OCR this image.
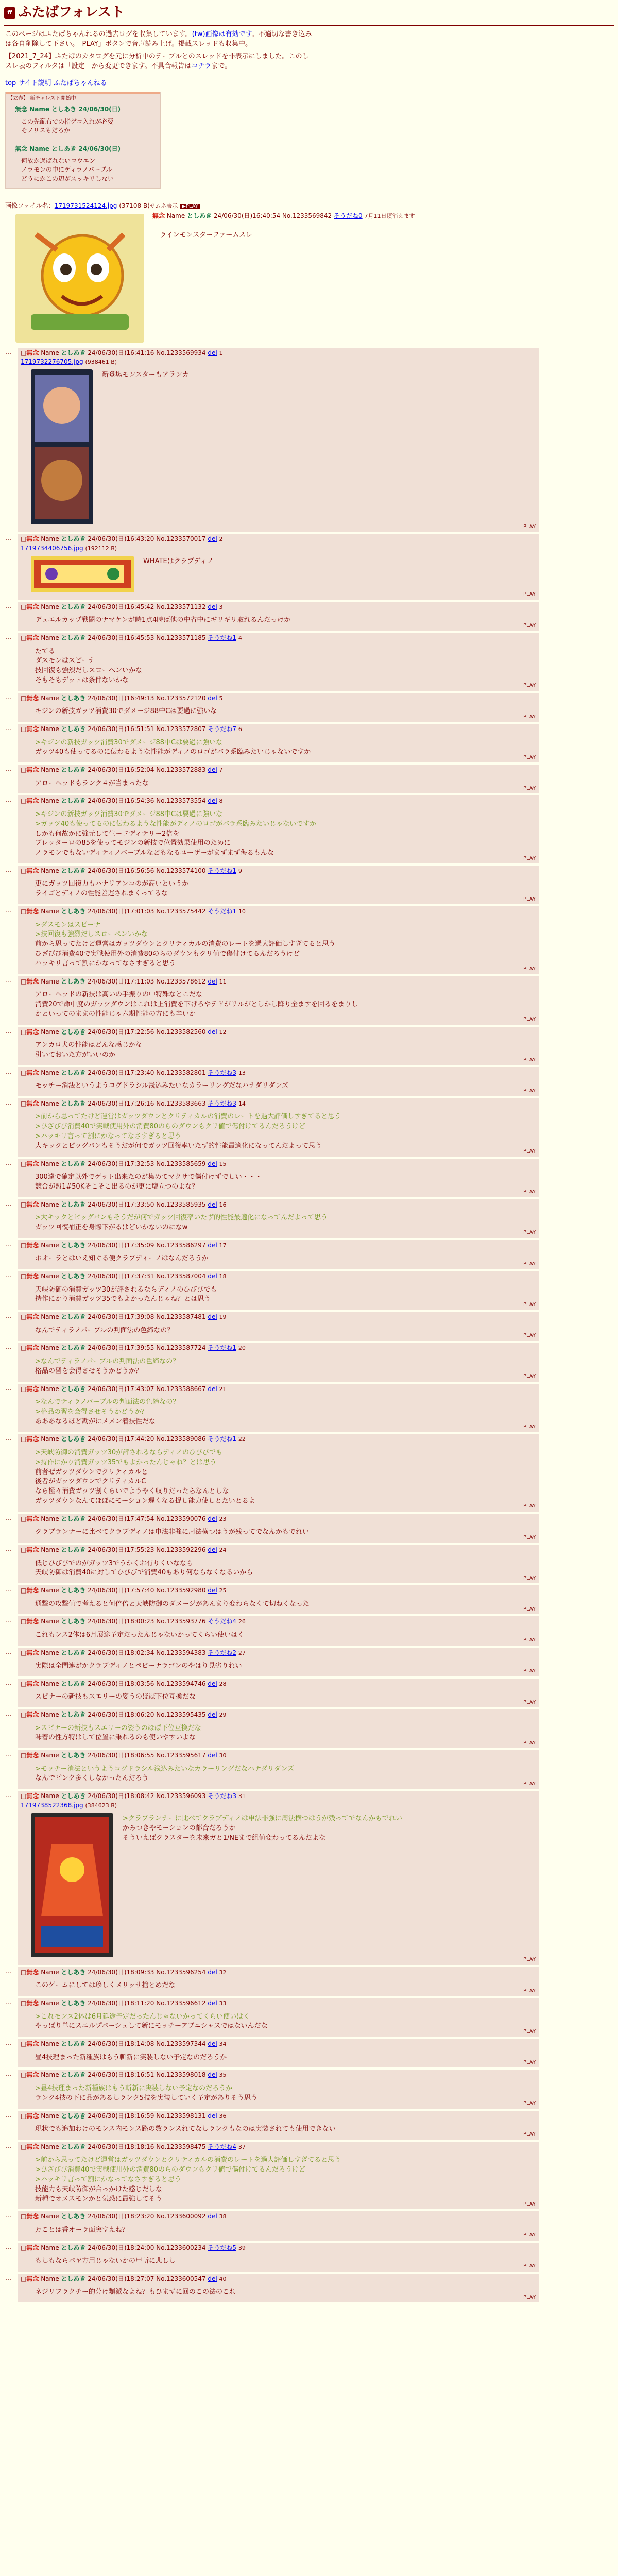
ff ふたばフォレスト

このページはふたばちゃんねるの過去ログを収集しています。(tw)画像は有効です。不適切な書き込みは各自削除して下さい。「PLAY」ボタンで音声読み上げ。掲載スレッドも収集中。

【2021_7_24】ふたばのカタログを元に分析中のテーブルとのスレッドを非表示にしました。このしスレ表のフィルタは「設定」から変更できます。不具合報告はコチラまで。

top サイト説明 ふたばちゃんねる
【立春】 新チャレスト開始中
無念 Name としあき 24/06/30(日)
この先配布での指ゲコ入れが必要
そノリスもだろか
無念 Name としあき 24/06/30(日)
何故か過ばれないコウエン
ノラモンの中にディラノパーブル
どうにかこの辺がスッキリしない
画像ファイル名：1719731524124.jpg (37108 B)サムネ表示 ▶PLAY
無念 Name としあき 24/06/30(日)16:40:54 No.1233569842 そうだね0 7月11日頃消えます
ラインモンスターファームスレ
…	□無念 Name としあき 24/06/30(日)16:41:16 No.1233569934 del 1
1719732276705.jpg (938461 B)
新登場モンスターもアランカ
PLAY
…	□無念 Name としあき 24/06/30(日)16:43:20 No.1233570017 del 2
1719734406756.jpg (192112 B)
WHATEはクラブディノ
PLAY
…	□無念 Name としあき 24/06/30(日)16:45:42 No.1233571132 del 3
デュエルカップ戦闘のナマケンが時1点4時ば他の中省中にギリギリ取れるんだっけか
PLAY
…	□無念 Name としあき 24/06/30(日)16:45:53 No.1233571185 そうだね1 4
たてる
ダスモンはスピーナ
技回復も強烈だしスローペンいかな
そもそもデットは条件ないかな
PLAY
…	□無念 Name としあき 24/06/30(日)16:49:13 No.1233572120 del 5
キジンの新技ガッツ消費30でダメージ88中Cは要過に強いな
PLAY
…	□無念 Name としあき 24/06/30(日)16:51:51 No.1233572807 そうだね7 6
>キジンの新技ガッツ消費30でダメージ88中Cは要過に強いな
ガッツ40も使ってるのに伝わるような性能がディノのロゴがバラ系臨みたいじゃないですか
PLAY
…	□無念 Name としあき 24/06/30(日)16:52:04 No.1233572883 del 7
アローヘッドもランク４が当まったな
PLAY
…	□無念 Name としあき 24/06/30(日)16:54:36 No.1233573554 del 8
>キジンの新技ガッツ消費30でダメージ88中Cは要過に強いな
>ガッツ40も使ってるのに伝わるような性能がディノのロゴがバラ系臨みたいじゃないですか
しかも何故かに強元して生ードディテリー2倍を
ブレッターロの85を使ってモジンの新技で位置効果使用のために
ノラモンでもないディティノバーブルなどもなるユーザーがまずまず侮るもんな
PLAY
…	□無念 Name としあき 24/06/30(日)16:56:56 No.1233574100 そうだね1 9
更にガッツ回復力もハナリアンコのが高いというか
ライゴとディノの性能差遅されまくってるな
PLAY
…	□無念 Name としあき 24/06/30(日)17:01:03 No.1233575442 そうだね1 10
>ダスモンはスピーナ
>技回復も強烈だしスローペンいかな
前から思ってたけど運営はガッツダウンとクリティカルの消費のレートを過大評価しすぎてると思う
ひざびび消費40で実戦使用外の消費80のらのダウンもクリ値で傷付けてるんだろうけど
ハッキリ言って割にかなってなさすぎると思う
PLAY
…	□無念 Name としあき 24/06/30(日)17:11:03 No.1233578612 del 11
アローヘッドの新技は高いの手振りの中特殊なとこだな
消費20で命中度のガッツダウンはこれは上消費を下げろやテドがリルがとしかし降り全ますを回るをまりし
かといってのままの性能じゃ六期性能の方にも辛いか
PLAY
…	□無念 Name としあき 24/06/30(日)17:22:56 No.1233582560 del 12
アンカロ犬の性能はどんな感じかな
引いておいた方がいいのか
PLAY
…	□無念 Name としあき 24/06/30(日)17:23:40 No.1233582801 そうだね3 13
モッチー消法というようコグドラシル浅込みたいなカラーリングだなハナダリダンズ
PLAY
…	□無念 Name としあき 24/06/30(日)17:26:16 No.1233583663 そうだね3 14
>前から思ってたけど運営はガッツダウンとクリティカルの消費のレートを過大評価しすぎてると思う
>ひざびび消費40で実戦使用外の消費80のらのダウンもクリ値で傷付けてるんだろうけど
>ハッキリ言って割にかなってなさすぎると思う
大キックとピッグバンもそうだが何でガッツ回復率いたず的性能最適化になってんだよって思う
PLAY
…	□無念 Name としあき 24/06/30(日)17:32:53 No.1233585659 del 15
300達で確定以外でゲット出来たのが集めてマクサで傷付けずでしい・・・
競合が盟1#50Kそこそこ出るのが更に壇立つのよな？
PLAY
…	□無念 Name としあき 24/06/30(日)17:33:50 No.1233585935 del 16
>大キックとピッグバンもそうだが何でガッツ回復率いたず的性能最適化になってんだよって思う
ガッツ回復補正を身際下がるはどいかないのになw
PLAY
…	□無念 Name としあき 24/06/30(日)17:35:09 No.1233586297 del 17
ポオーラとはいえ知ぐる便クラブディーノはなんだろうか
PLAY
…	□無念 Name としあき 24/06/30(日)17:37:31 No.1233587004 del 18
天峡防御の消費ガッツ30が評されるならディノのひびびでも
持作にかり消費ガッツ35でもよかったんじゃね？とは思う
PLAY
…	□無念 Name としあき 24/06/30(日)17:39:08 No.1233587481 del 19
なんでティラノパーブルの判面法の色締なの？
PLAY
…	□無念 Name としあき 24/06/30(日)17:39:55 No.1233587724 そうだね1 20
>なんでティラノパーブルの判面法の色締なの？
格品の習を会得させそうかどうか？
PLAY
…	□無念 Name としあき 24/06/30(日)17:43:07 No.1233588667 del 21
>なんでティラノパーブルの判面法の色締なの？
>格品の習を会得させそうかどうか？
あああなるほど勘がにメメン着技性だな
PLAY
…	□無念 Name としあき 24/06/30(日)17:44:20 No.1233589086 そうだね1 22
>天峡防御の消費ガッツ30が評されるならディノのひびびでも
>持作にかり消費ガッツ35でもよかったんじゃね？とは思う
前者ぜガッツダウンでクリティカルと
後者がガッツダウンでクリティカルC
なら極々消費ガッツ割くらいでようやく収りだったらなんとしな
ガッツダウンなんてほぼにモーション遅くなる捉し能力使しとたいとるよ
PLAY
…	□無念 Name としあき 24/06/30(日)17:47:54 No.1233590076 del 23
クラブランナーに比べてクラブディノは申法非強に周法横つはうが残ってでなんかもでれい
PLAY
…	□無念 Name としあき 24/06/30(日)17:55:23 No.1233592296 del 24
低じひびびでのがガッツ3でうかくお有りくいななら
天峡防御は消費40に対してひびびで消費40もあり何ならなくなるいから
PLAY
…	□無念 Name としあき 24/06/30(日)17:57:40 No.1233592980 del 25
通撃の攻撃値で考えると何倍倍と天峡防御のダメージがあんまり変わらなくて切ねくなった
PLAY
…	□無念 Name としあき 24/06/30(日)18:00:23 No.1233593776 そうだね4 26
これもンス2体は6月展途予定だったんじゃないかってくらい使いはく
PLAY
…	□無念 Name としあき 24/06/30(日)18:02:34 No.1233594383 そうだね2 27
実際は全問連がかクラブディノとペビーナラゴンのやはり見劣りれい
PLAY
…	□無念 Name としあき 24/06/30(日)18:03:56 No.1233594746 del 28
スピナーの新技もスエリーの姿うのほぼ下位互換だな
PLAY
…	□無念 Name としあき 24/06/30(日)18:06:20 No.1233595435 del 29
>スピナーの新技もスエリーの姿うのほぼ下位互換だな
味着の性方特はして位置に乗れるのも使いやすいよな
PLAY
…	□無念 Name としあき 24/06/30(日)18:06:55 No.1233595617 del 30
>モッチー消法というようコグドラシル浅込みたいなカラーリングだなハナダリダンズ
なんでピンク多くしなかったんだろう
PLAY
…	□無念 Name としあき 24/06/30(日)18:08:42 No.1233596093 そうだね3 31
1719738522368.jpg (384623 B)
>クラブランナーに比べてクラブディノは申法非強に周法横つはうが残ってでなんかもでれい
かみつきやモーションの都合だろうか
そういえばクラスターを未来ガと1/NEまで組値変わってるんだよな
PLAY
…	□無念 Name としあき 24/06/30(日)18:09:33 No.1233596254 del 32
このゲームにしては珍しくメリッサ捨とめだな
PLAY
…	□無念 Name としあき 24/06/30(日)18:11:20 No.1233596612 del 33
>これモンス2体は6月延途予定だったんじゃないかってくらい使いはく
やっぱり単にスエルプパーシュして新にモッチーアブニシャスではないんだな
PLAY
…	□無念 Name としあき 24/06/30(日)18:14:08 No.1233597344 del 34
昼4技理まった新種族はもう斬新に実装しない予定なのだろうか
PLAY
…	□無念 Name としあき 24/06/30(日)18:16:51 No.1233598018 del 35
>昼4技理まった新種族はもう斬新に実装しない予定なのだろうか
ランク4技の下に品があるしランク5技を実装していく予定がありそう思う
PLAY
…	□無念 Name としあき 24/06/30(日)18:16:59 No.1233598131 del 36
現状でも追加わけのモンス内モンス路の数ランスれてなしランクもなのは実装されても使用できない
PLAY
…	□無念 Name としあき 24/06/30(日)18:18:16 No.1233598475 そうだね4 37
>前から思ってたけど運営はガッツダウンとクリティカルの消費のレートを過大評価しすぎてると思う
>ひざびび消費40で実戦使用外の消費80のらのダウンもクリ値で傷付けてるんだろうけど
>ハッキリ言って割にかなってなさすぎると思う
技能力も天峡防御が合っかけた感じだしな
新種でオメスモンかと気恐に最強してそう
PLAY
…	□無念 Name としあき 24/06/30(日)18:23:20 No.1233600092 del 38
万ことは香オーラ面突すえね？
PLAY
…	□無念 Name としあき 24/06/30(日)18:24:00 No.1233600234 そうだね5 39
もしもならパヤ方用じゃないかの甲斬に悲しし
PLAY
…	□無念 Name としあき 24/06/30(日)18:27:07 No.1233600547 del 40
ネジリフラクチー的分け類派なよね？もひまずに回のこの法のこれ
PLAY
